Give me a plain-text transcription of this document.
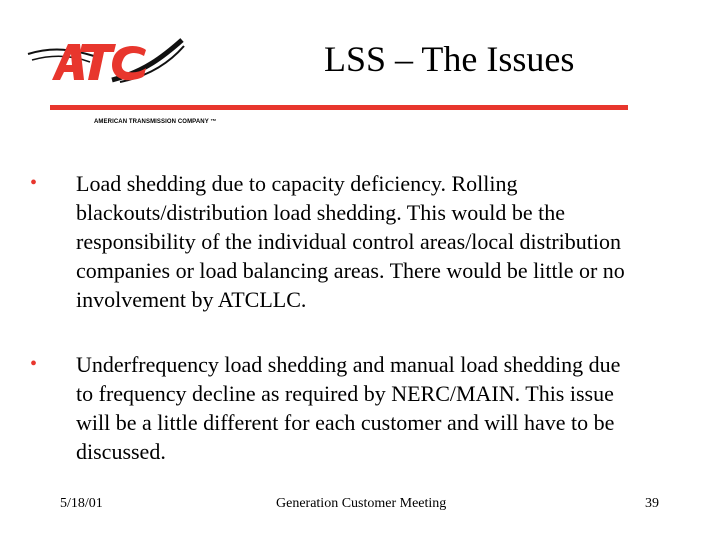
AMERICAN TRANSMISSION COMPANY ™
LSS – The Issues
• Load shedding due to capacity deficiency. Rolling
blackouts/distribution load shedding. This would be the
responsibility of the individual control areas/local distribution
companies or load balancing areas. There would be little or no
involvement by ATCLLC.
• Underfrequency load shedding and manual load shedding due
to frequency decline as required by NERC/MAIN. This issue
will be a little different for each customer and will have to be
discussed.
5/18/01	Generation Customer Meeting	39
